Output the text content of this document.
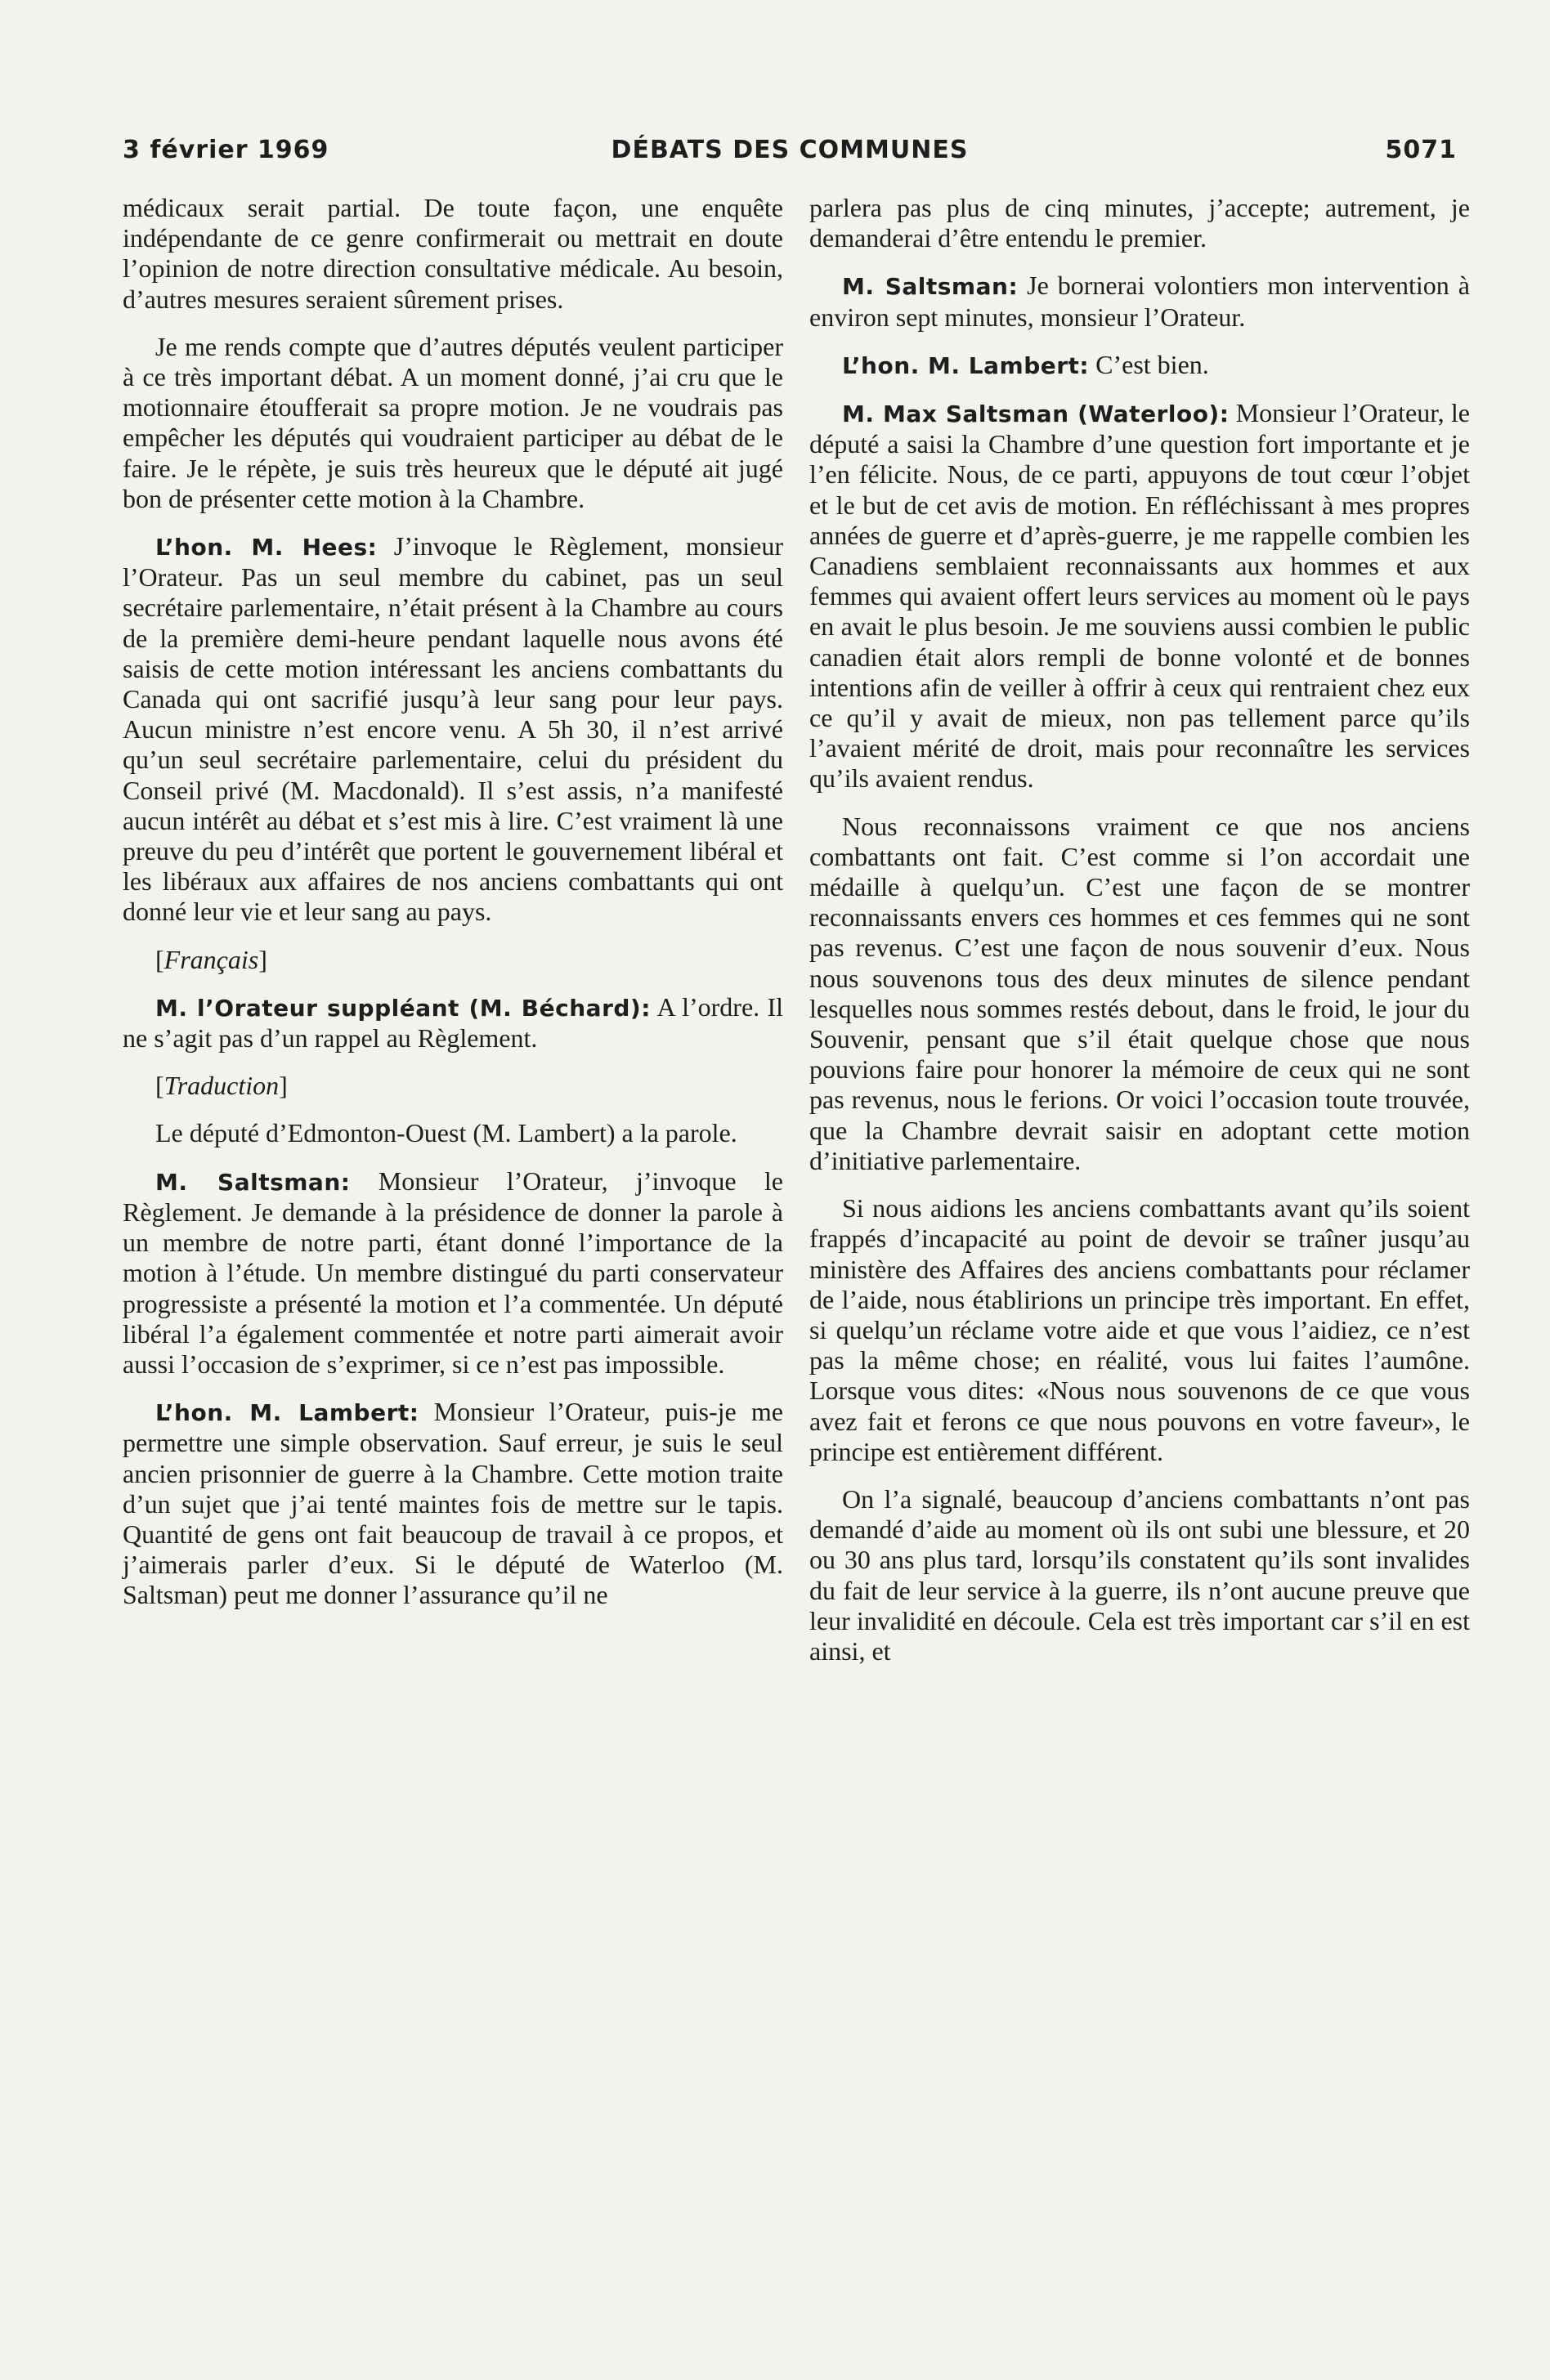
3 février 1969	DÉBATS DES COMMUNES	5071

médicaux serait partial. De toute façon, une enquête indépendante de ce genre confirmerait ou mettrait en doute l’opinion de notre direction consultative médicale. Au besoin, d’autres mesures seraient sûrement prises.

Je me rends compte que d’autres députés veulent participer à ce très important débat. A un moment donné, j’ai cru que le motionnaire étoufferait sa propre motion. Je ne voudrais pas empêcher les députés qui voudraient participer au débat de le faire. Je le répète, je suis très heureux que le député ait jugé bon de présenter cette motion à la Chambre.

L’hon. M. Hees: J’invoque le Règlement, monsieur l’Orateur. Pas un seul membre du cabinet, pas un seul secrétaire parlementaire, n’était présent à la Chambre au cours de la première demi-heure pendant laquelle nous avons été saisis de cette motion intéressant les anciens combattants du Canada qui ont sacrifié jusqu’à leur sang pour leur pays. Aucun ministre n’est encore venu. A 5h 30, il n’est arrivé qu’un seul secrétaire parlementaire, celui du président du Conseil privé (M. Macdonald). Il s’est assis, n’a manifesté aucun intérêt au débat et s’est mis à lire. C’est vraiment là une preuve du peu d’intérêt que portent le gouvernement libéral et les libéraux aux affaires de nos anciens combattants qui ont donné leur vie et leur sang au pays.

[Français]

M. l’Orateur suppléant (M. Béchard): A l’ordre. Il ne s’agit pas d’un rappel au Règlement.

[Traduction]

Le député d’Edmonton-Ouest (M. Lambert) a la parole.

M. Saltsman: Monsieur l’Orateur, j’invoque le Règlement. Je demande à la présidence de donner la parole à un membre de notre parti, étant donné l’importance de la motion à l’étude. Un membre distingué du parti conservateur progressiste a présenté la motion et l’a commentée. Un député libéral l’a également commentée et notre parti aimerait avoir aussi l’occasion de s’exprimer, si ce n’est pas impossible.

L’hon. M. Lambert: Monsieur l’Orateur, puis-je me permettre une simple observation. Sauf erreur, je suis le seul ancien prisonnier de guerre à la Chambre. Cette motion traite d’un sujet que j’ai tenté maintes fois de mettre sur le tapis. Quantité de gens ont fait beaucoup de travail à ce propos, et j’aimerais parler d’eux. Si le député de Waterloo (M. Saltsman) peut me donner l’assurance qu’il ne

parlera pas plus de cinq minutes, j’accepte; autrement, je demanderai d’être entendu le premier.

M. Saltsman: Je bornerai volontiers mon intervention à environ sept minutes, monsieur l’Orateur.

L’hon. M. Lambert: C’est bien.

M. Max Saltsman (Waterloo): Monsieur l’Orateur, le député a saisi la Chambre d’une question fort importante et je l’en félicite. Nous, de ce parti, appuyons de tout cœur l’objet et le but de cet avis de motion. En réfléchissant à mes propres années de guerre et d’après-guerre, je me rappelle combien les Canadiens semblaient reconnaissants aux hommes et aux femmes qui avaient offert leurs services au moment où le pays en avait le plus besoin. Je me souviens aussi combien le public canadien était alors rempli de bonne volonté et de bonnes intentions afin de veiller à offrir à ceux qui rentraient chez eux ce qu’il y avait de mieux, non pas tellement parce qu’ils l’avaient mérité de droit, mais pour reconnaître les services qu’ils avaient rendus.

Nous reconnaissons vraiment ce que nos anciens combattants ont fait. C’est comme si l’on accordait une médaille à quelqu’un. C’est une façon de se montrer reconnaissants envers ces hommes et ces femmes qui ne sont pas revenus. C’est une façon de nous souvenir d’eux. Nous nous souvenons tous des deux minutes de silence pendant lesquelles nous sommes restés debout, dans le froid, le jour du Souvenir, pensant que s’il était quelque chose que nous pouvions faire pour honorer la mémoire de ceux qui ne sont pas revenus, nous le ferions. Or voici l’occasion toute trouvée, que la Chambre devrait saisir en adoptant cette motion d’initiative parlementaire.

Si nous aidions les anciens combattants avant qu’ils soient frappés d’incapacité au point de devoir se traîner jusqu’au ministère des Affaires des anciens combattants pour réclamer de l’aide, nous établirions un principe très important. En effet, si quelqu’un réclame votre aide et que vous l’aidiez, ce n’est pas la même chose; en réalité, vous lui faites l’aumône. Lorsque vous dites: «Nous nous souvenons de ce que vous avez fait et ferons ce que nous pouvons en votre faveur», le principe est entièrement différent.

On l’a signalé, beaucoup d’anciens combattants n’ont pas demandé d’aide au moment où ils ont subi une blessure, et 20 ou 30 ans plus tard, lorsqu’ils constatent qu’ils sont invalides du fait de leur service à la guerre, ils n’ont aucune preuve que leur invalidité en découle. Cela est très important car s’il en est ainsi, et
